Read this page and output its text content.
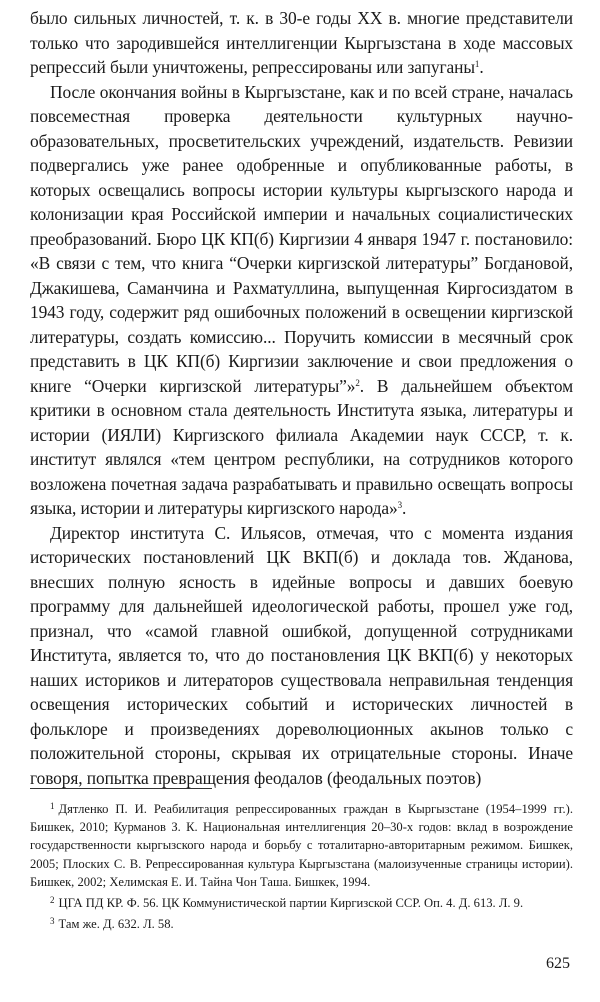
было сильных личностей, т. к. в 30-е годы XX в. многие представители только что зародившейся интеллигенции Кыргызстана в ходе массовых репрессий были уничтожены, репрессированы или запуганы$^1$.

После окончания войны в Кыргызстане, как и по всей стране, началась повсеместная проверка деятельности культурных научно-образовательных, просветительских учреждений, издательств. Ревизии подвергались уже ранее одобренные и опубликованные работы, в которых освещались вопросы истории культуры кыргызского народа и колонизации края Российской империи и начальных социалистических преобразований. Бюро ЦК КП(б) Киргизии 4 января 1947 г. постановило: «В связи с тем, что книга “Очерки киргизской литературы” Богдановой, Джакишева, Саманчина и Рахматуллина, выпущенная Киргосиздатом в 1943 году, содержит ряд ошибочных положений в освещении киргизской литературы, создать комиссию... Поручить комиссии в месячный срок представить в ЦК КП(б) Киргизии заключение и свои предложения о книге “Очерки киргизской литературы”»$^2$. В дальнейшем объектом критики в основном стала деятельность Института языка, литературы и истории (ИЯЛИ) Киргизского филиала Академии наук СССР, т. к. институт являлся «тем центром республики, на сотрудников которого возложена почетная задача разрабатывать и правильно освещать вопросы языка, истории и литературы киргизского народа»$^3$.

Директор института С. Ильясов, отмечая, что с момента издания исторических постановлений ЦК ВКП(б) и доклада тов. Жданова, внесших полную ясность в идейные вопросы и давших боевую программу для дальнейшей идеологической работы, прошел уже год, признал, что «самой главной ошибкой, допущенной сотрудниками Института, является то, что до постановления ЦК ВКП(б) у некоторых наших историков и литераторов существовала неправильная тенденция освещения исторических событий и исторических личностей в фольклоре и произведениях дореволюционных акынов только с положительной стороны, скрывая их отрицательные стороны. Иначе говоря, попытка превращения феодалов (феодальных поэтов)

$^1$ Дятленко П. И. Реабилитация репрессированных граждан в Кыргызстане (1954–1999 гг.). Бишкек, 2010; Курманов З. К. Национальная интеллигенция 20–30-х годов: вклад в возрождение государственности кыргызского народа и борьбу с тоталитарно-авторитарным режимом. Бишкек, 2005; Плоских С. В. Репрессированная культура Кыргызстана (малоизученные страницы истории). Бишкек, 2002; Хелимская Е. И. Тайна Чон Таша. Бишкек, 1994.

$^2$ ЦГА ПД КР. Ф. 56. ЦК Коммунистической партии Киргизской ССР. Оп. 4. Д. 613. Л. 9.

$^3$ Там же. Д. 632. Л. 58.

625
